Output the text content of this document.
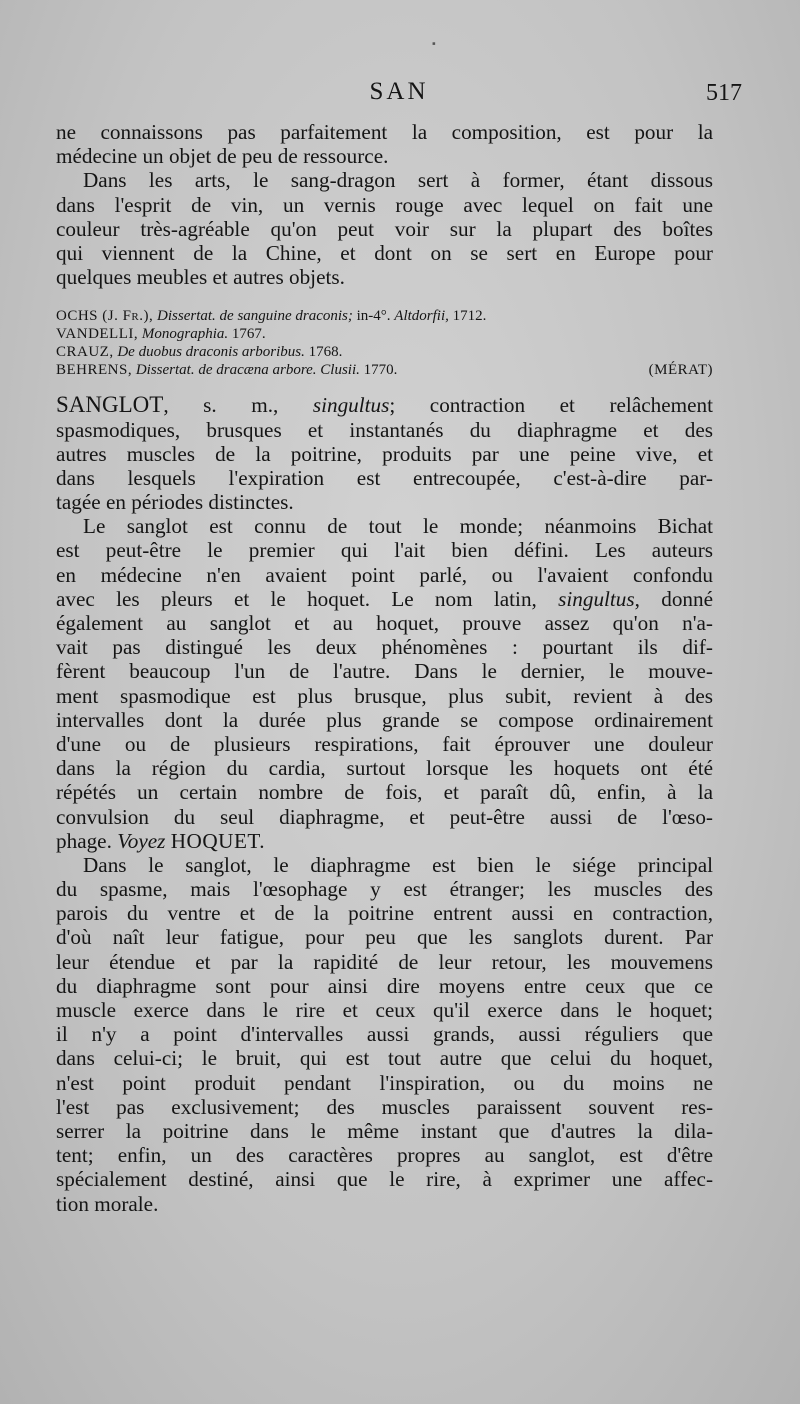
ᐧ
SAN	517
ne connaissons pas parfaitement la composition, est pour la
médecine un objet de peu de ressource.
Dans les arts, le sang-dragon sert à former, étant dissous
dans l'esprit de vin, un vernis rouge avec lequel on fait une
couleur très-agréable qu'on peut voir sur la plupart des boîtes
qui viennent de la Chine, et dont on se sert en Europe pour
quelques meubles et autres objets.
OCHS (J. Fr.), Dissertat. de sanguine draconis; in-4°. Altdorfii, 1712.
VANDELLI, Monographia. 1767.
CRAUZ, De duobus draconis arboribus. 1768.
BEHRENS, Dissertat. de dracæna arbore. Clusii. 1770.	(MÉRAT)
SANGLOT, s. m., singultus; contraction et relâchement
spasmodiques, brusques et instantanés du diaphragme et des
autres muscles de la poitrine, produits par une peine vive, et
dans lesquels l'expiration est entrecoupée, c'est-à-dire par-
tagée en périodes distinctes.
Le sanglot est connu de tout le monde; néanmoins Bichat
est peut-être le premier qui l'ait bien défini. Les auteurs
en médecine n'en avaient point parlé, ou l'avaient confondu
avec les pleurs et le hoquet. Le nom latin, singultus, donné
également au sanglot et au hoquet, prouve assez qu'on n'a-
vait pas distingué les deux phénomènes : pourtant ils dif-
fèrent beaucoup l'un de l'autre. Dans le dernier, le mouve-
ment spasmodique est plus brusque, plus subit, revient à des
intervalles dont la durée plus grande se compose ordinairement
d'une ou de plusieurs respirations, fait éprouver une douleur
dans la région du cardia, surtout lorsque les hoquets ont été
répétés un certain nombre de fois, et paraît dû, enfin, à la
convulsion du seul diaphragme, et peut-être aussi de l'œso-
phage. Voyez HOQUET.
Dans le sanglot, le diaphragme est bien le siége principal
du spasme, mais l'œsophage y est étranger; les muscles des
parois du ventre et de la poitrine entrent aussi en contraction,
d'où naît leur fatigue, pour peu que les sanglots durent. Par
leur étendue et par la rapidité de leur retour, les mouvemens
du diaphragme sont pour ainsi dire moyens entre ceux que ce
muscle exerce dans le rire et ceux qu'il exerce dans le hoquet;
il n'y a point d'intervalles aussi grands, aussi réguliers que
dans celui-ci; le bruit, qui est tout autre que celui du hoquet,
n'est point produit pendant l'inspiration, ou du moins ne
l'est pas exclusivement; des muscles paraissent souvent res-
serrer la poitrine dans le même instant que d'autres la dila-
tent; enfin, un des caractères propres au sanglot, est d'être
spécialement destiné, ainsi que le rire, à exprimer une affec-
tion morale.
